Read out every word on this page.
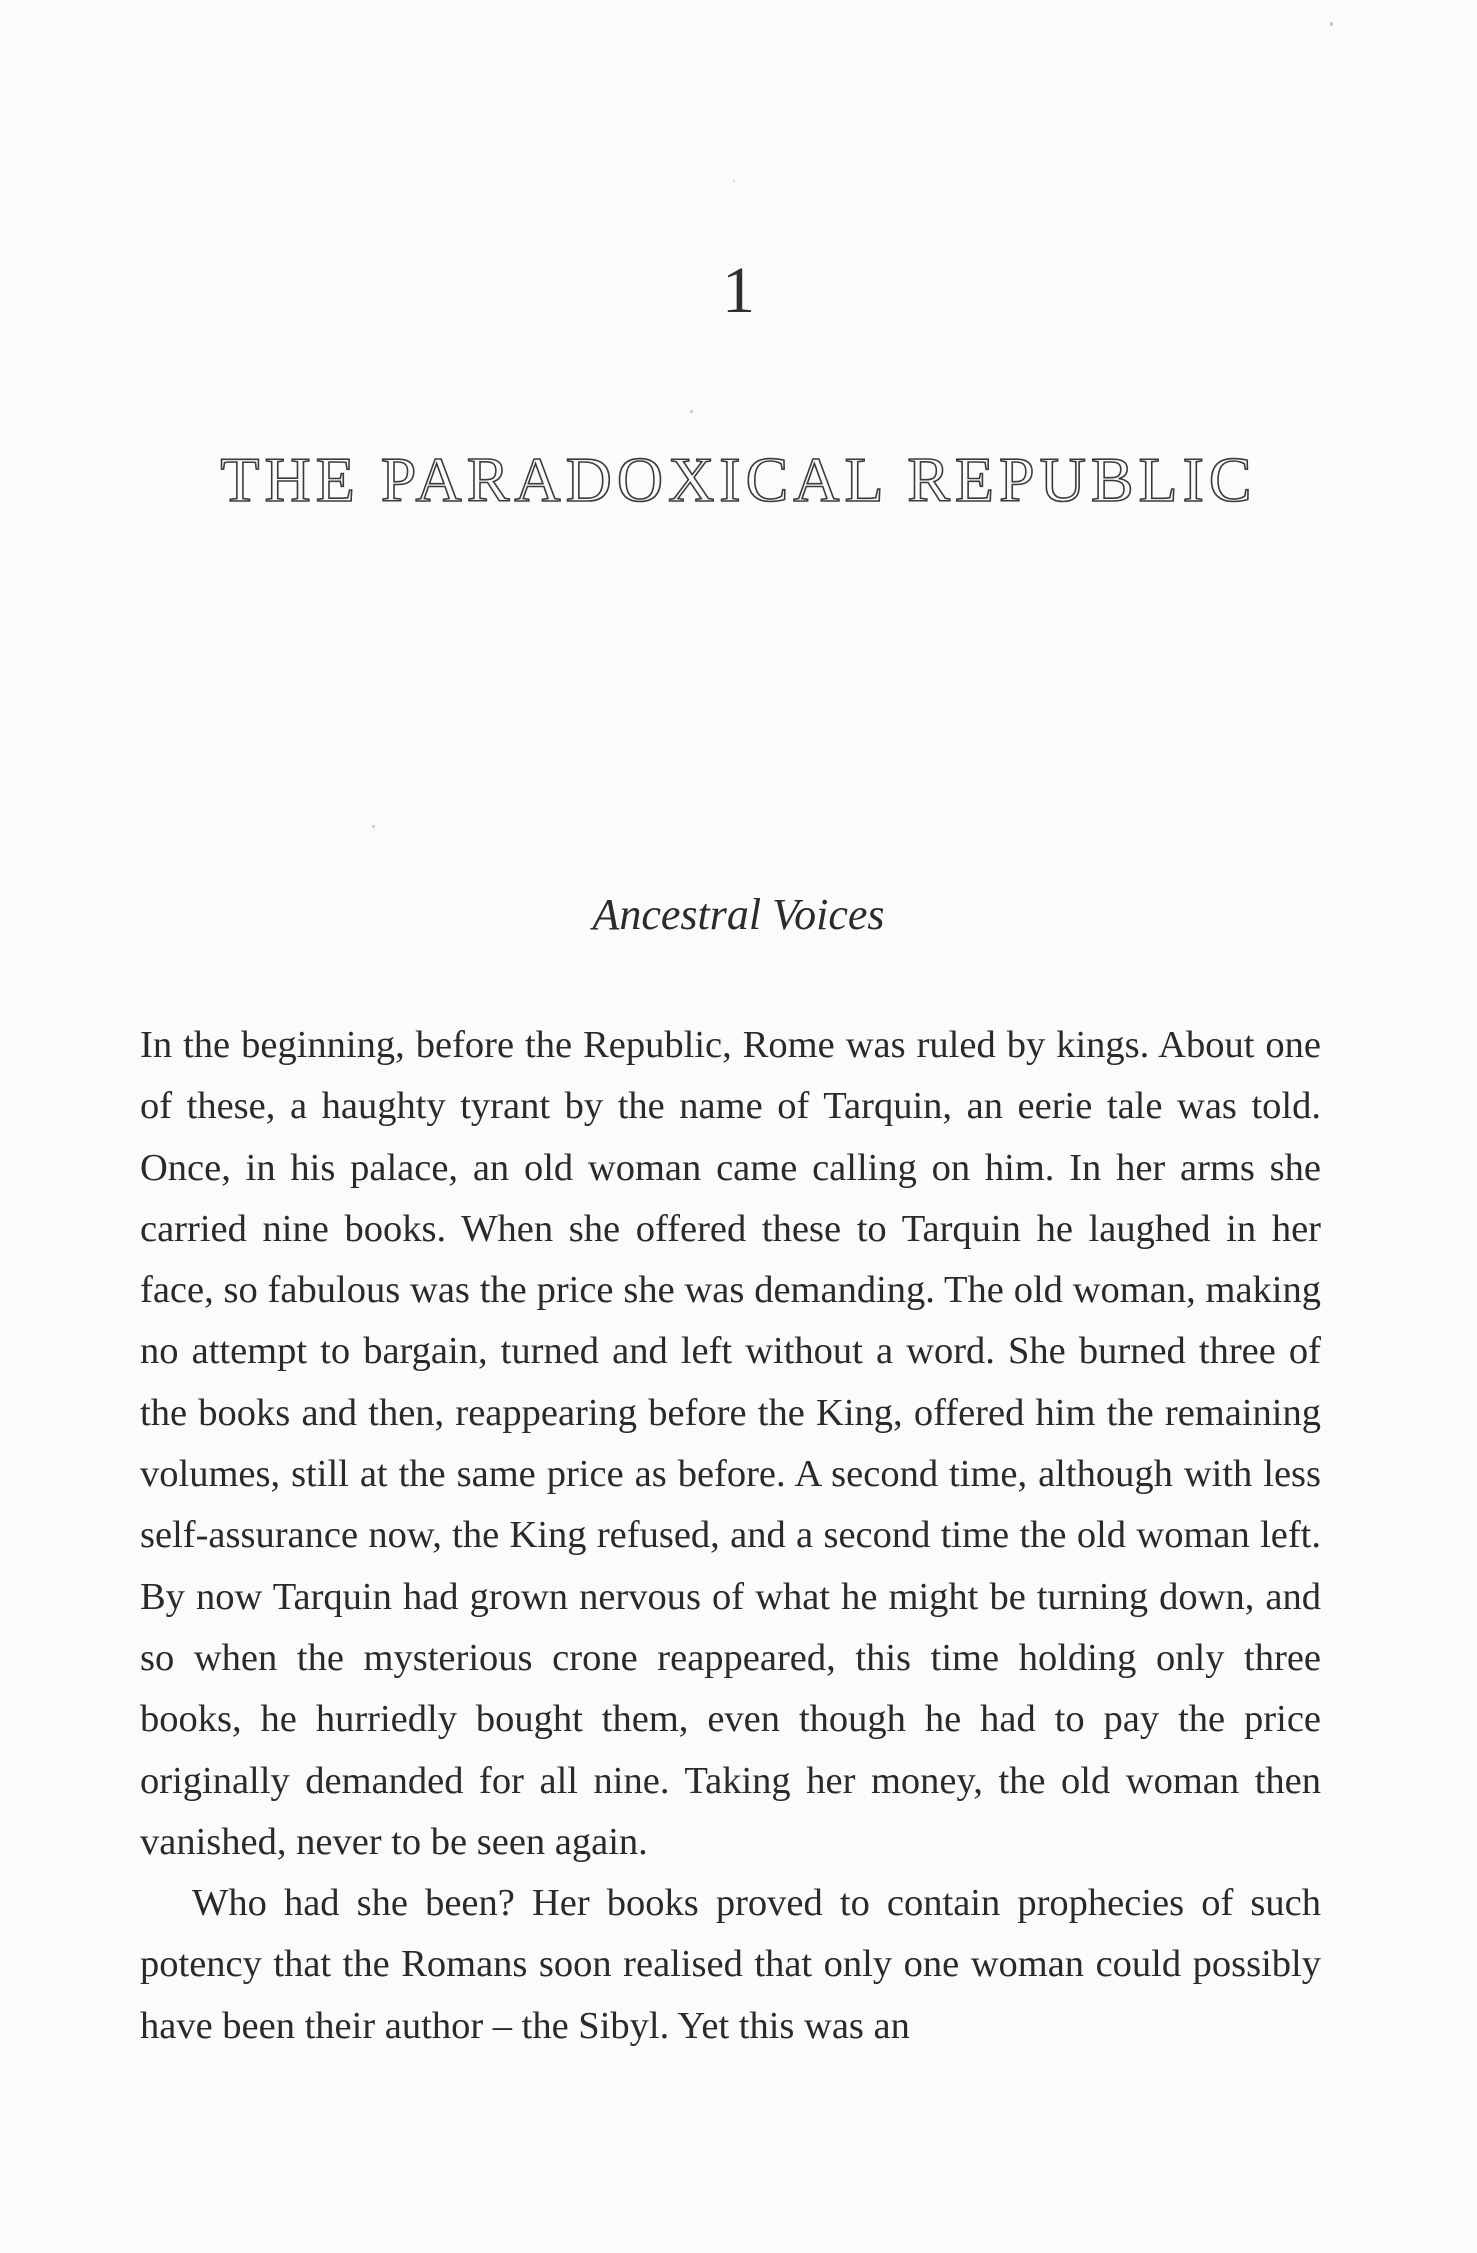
1
THE PARADOXICAL REPUBLIC
Ancestral Voices

In the beginning, before the Republic, Rome was ruled by kings. About one of these, a haughty tyrant by the name of Tarquin, an eerie tale was told. Once, in his palace, an old woman came calling on him. In her arms she carried nine books. When she offered these to Tarquin he laughed in her face, so fabulous was the price she was demanding. The old woman, making no attempt to bargain, turned and left without a word. She burned three of the books and then, reappearing before the King, offered him the remaining volumes, still at the same price as before. A second time, although with less self-assurance now, the King refused, and a second time the old woman left. By now Tarquin had grown nervous of what he might be turning down, and so when the mysterious crone reappeared, this time holding only three books, he hurriedly bought them, even though he had to pay the price originally demanded for all nine. Taking her money, the old woman then vanished, never to be seen again.

Who had she been? Her books proved to contain prophecies of such potency that the Romans soon realised that only one woman could possibly have been their author – the Sibyl. Yet this was an
